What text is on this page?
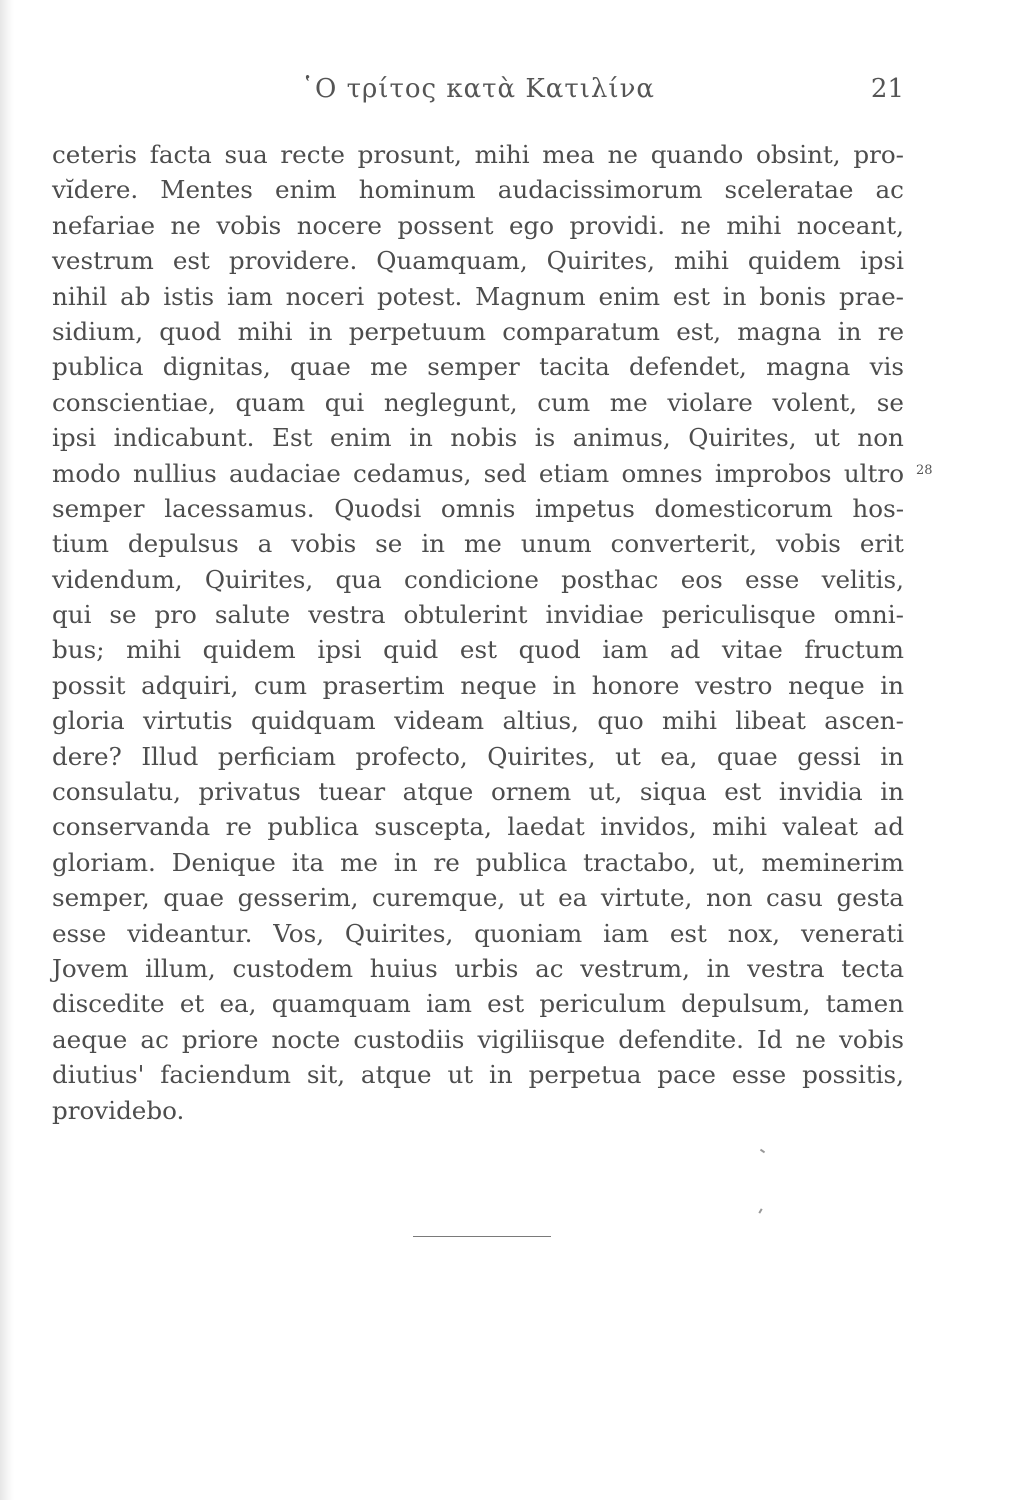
῾Ο τρίτος κατὰ Κατιλίνα	21
ceteris facta sua recte prosunt, mihi mea ne quando obsint, pro-
vĭdere. Mentes enim hominum audacissimorum sceleratae ac
nefariae ne vobis nocere possent ego providi. ne mihi noceant,
vestrum est providere. Quamquam, Quirites, mihi quidem ipsi
nihil ab istis iam noceri potest. Magnum enim est in bonis prae-
sidium, quod mihi in perpetuum comparatum est, magna in re
publica dignitas, quae me semper tacita defendet, magna vis
conscientiae, quam qui neglegunt, cum me violare volent, se
ipsi indicabunt. Est enim in nobis is animus, Quirites, ut non
modo nullius audaciae cedamus, sed etiam omnes improbos ultro
semper lacessamus. Quodsi omnis impetus domesticorum hos-
tium depulsus a vobis se in me unum converterit, vobis erit
videndum, Quirites, qua condicione posthac eos esse velitis,
qui se pro salute vestra obtulerint invidiae periculisque omni-
bus; mihi quidem ipsi quid est quod iam ad vitae fructum
possit adquiri, cum prasertim neque in honore vestro neque in
gloria virtutis quidquam videam altius, quo mihi libeat ascen-
dere? Illud perficiam profecto, Quirites, ut ea, quae gessi in
consulatu, privatus tuear atque ornem ut, siqua est invidia in
conservanda re publica suscepta, laedat invidos, mihi valeat ad
gloriam. Denique ita me in re publica tractabo, ut, meminerim
semper, quae gesserim, curemque, ut ea virtute, non casu gesta
esse videantur. Vos, Quirites, quoniam iam est nox, venerati
Jovem illum, custodem huius urbis ac vestrum, in vestra tecta
discedite et ea, quamquam iam est periculum depulsum, tamen
aeque ac priore nocte custodiis vigiliisque defendite. Id ne vobis
diutius' faciendum sit, atque ut in perpetua pace esse possitis,
providebo.
28
